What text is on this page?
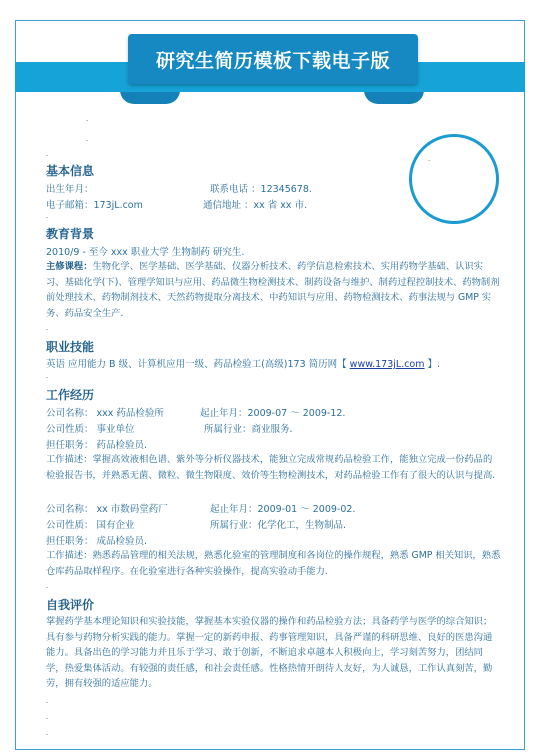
研究生简历模板下载电子版
.
.
.
.
基本信息
出生年月：	联系电话 ：12345678.
电子邮箱：173jL.com	通信地址 ：xx 省 xx 市.
.
教育背景
2010/9 - 至今 xxx 职业大学 生物制药 研究生.
主修课程：生物化学、医学基础、医学基础、仪器分析技术、药学信息检索技术、实用药物学基础、认识实习、基础化学(下)、管理学知识与应用、药品微生物检测技术、制药设备与维护、制药过程控制技术、药物制剂前处理技术、药物制剂技术、天然药物提取分离技术、中药知识与应用、药物检测技术、药事法规与 GMP 实务、药品安全生产.
.
职业技能
英语 应用能力 B 级、计算机应用一级、药品检验工(高级)173 简历网【 www.173jL.com 】.
.
工作经历
公司名称： xxx 药品检验所	起止年月：2009-07 ～ 2009-12.
公司性质： 事业单位	所属行业：商业服务.
担任职务： 药品检验员.
工作描述：掌握高效液相色谱、紫外等分析仪器技术，能独立完成常规药品检验工作，能独立完成一份药品的检验报告书，并熟悉无菌、微粒、微生物限度、效价等生物检测技术，对药品检验工作有了很大的认识与提高.
公司名称： xx 市数码堂药厂	起止年月：2009-01 ～ 2009-02.
公司性质： 国有企业	所属行业：化学化工，生物制品.
担任职务： 成品检验员.
工作描述：熟悉药品管理的相关法规，熟悉化验室的管理制度和各岗位的操作规程，熟悉 GMP 相关知识，熟悉仓库药品取样程序。在化验室进行各种实验操作，提高实验动手能力.
.
自我评价
掌握药学基本理论知识和实验技能，掌握基本实验仪器的操作和药品检验方法；具备药学与医学的综合知识；具有参与药物分析实践的能力。掌握一定的新药申报、药事管理知识，具备严谨的科研思维、良好的医患沟通能力。具备出色的学习能力并且乐于学习、敢于创新，不断追求卓越本人积极向上，学习刻苦努力，团结同学，热爱集体活动。有较强的责任感，和社会责任感。性格热情开朗待人友好，为人诚恳，工作认真刻苦，勤劳，拥有较强的适应能力。
.
.
.
